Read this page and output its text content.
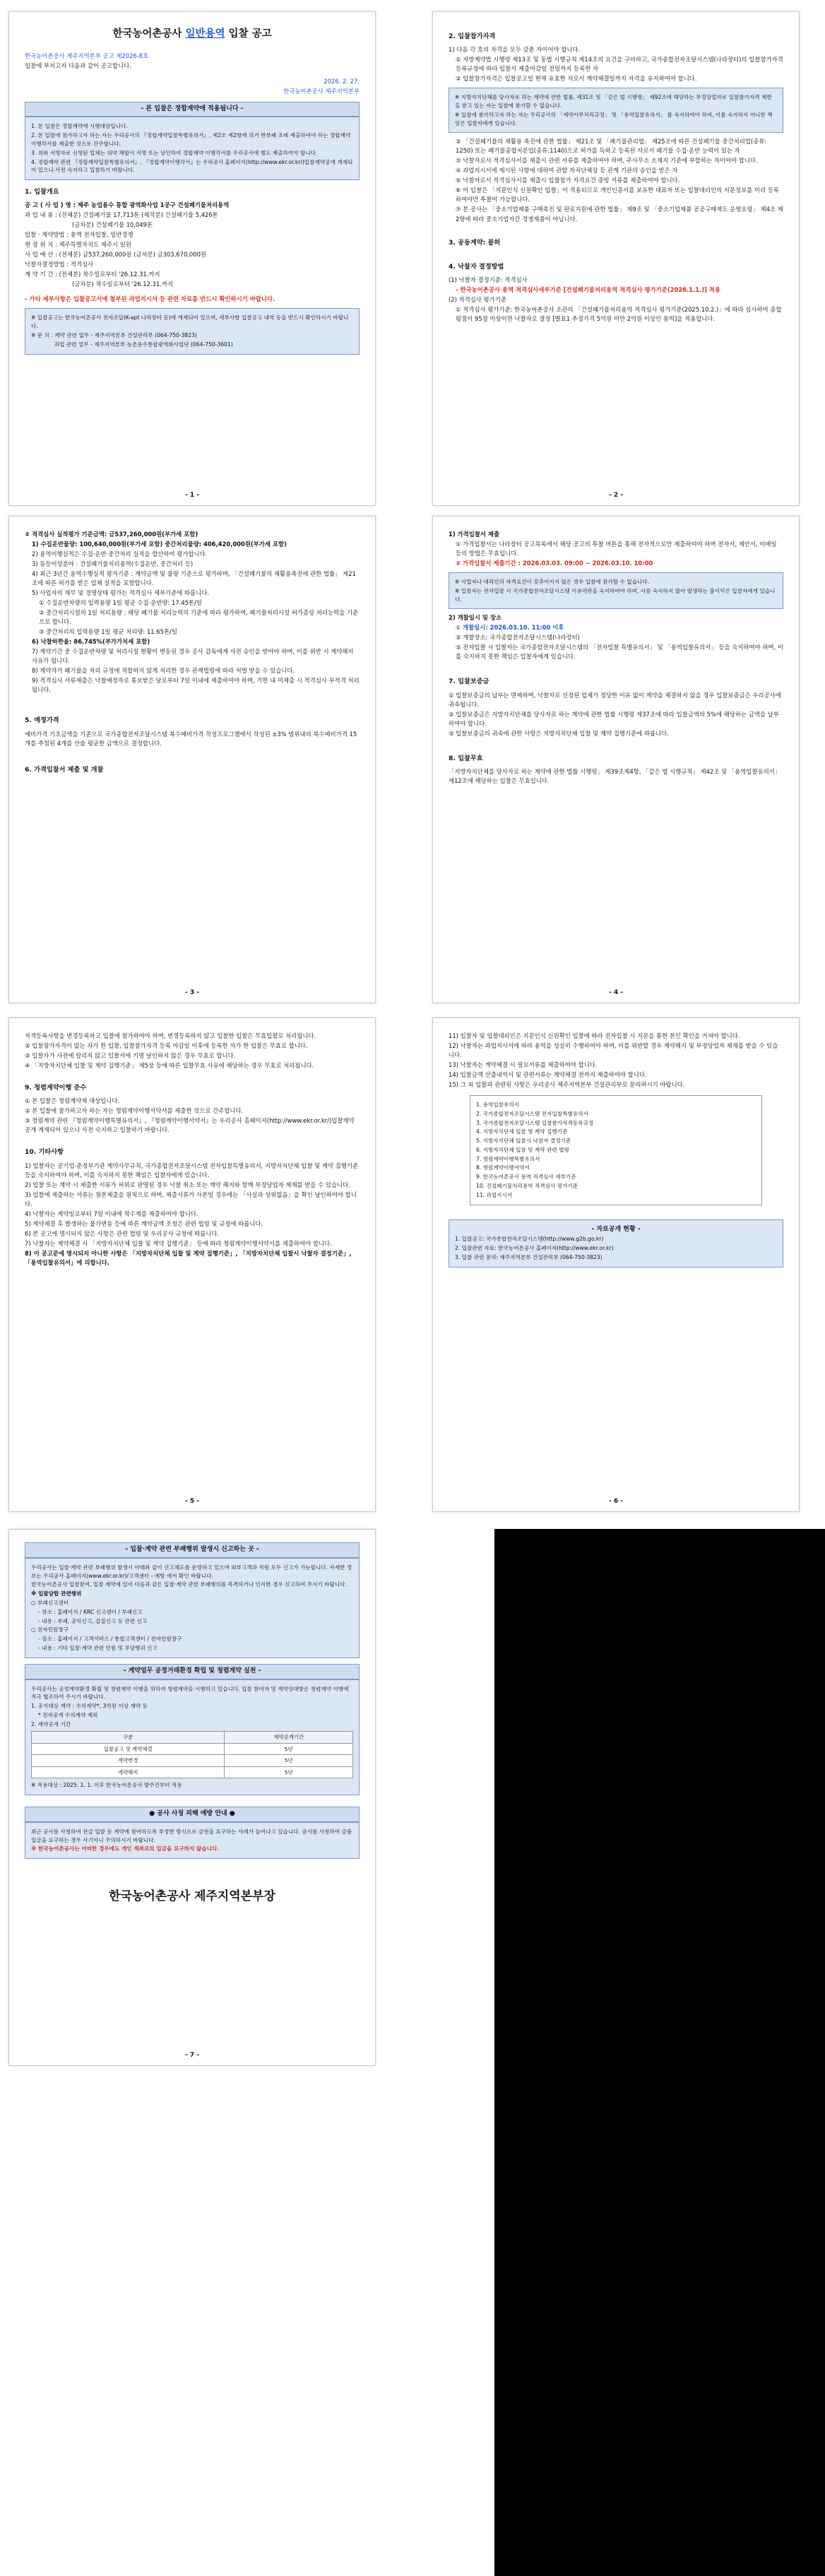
한국농어촌공사 일반용역 입찰 공고

한국농어촌공사 제주지역본부 공고 제2026-8호

입찰에 부치고자 다음과 같이 공고합니다.

2026. 2. 27.

한국농어촌공사 제주지역본부

- 본 입찰은 정합계약에 적용됩니다 -

1. 본 입찰은 정합계약에 시행대상입니다.

2. 본 입찰에 참가하고자 하는 자는 우리공사의 『정합계약입찰특별유의서』, 제2조 제2항에 의거 반부패 조례 제출하여야 하는 정합계약이행각서를 제출한 것으로 간주합니다.

3. 위와 서명자로 신청된 업체는 위약 채합시 서명 또는 날인하여 정합계약 이행각서를 우리공사에 별도 제출하여야 합니다.

4. 정합계약 관련 『정합계약입찰특별유의서』, 『정합계약이행각서』는 우리공사 홈페이지(http://www.ekr.or.kr/)입찰계약공개 게재되어 있으니 사전 숙지하고 입찰하기 바랍니다.

1. 입찰개요

공 고 ( 사 업 ) 명 : 제주 농업용수 통합 광역화사업 1공구 건설폐기물처리용역

과 업 내 용 : (전체분) 건설폐기물 17,713톤 (제작분) 건설폐기물 5,426톤

　　　　　　　　(금차분) 건설폐기물 10,049톤

입찰 · 계약방법 : 총액 전자입찰, 일반경쟁

현 장 위 치 : 제주특별자치도 제주시 일원

사 업 예 산 : (전체분) 금537,260,000원 (금차분) 금303,670,000원

낙찰자결정방법 : 적격심사

계 약 기 간 : (전체분) 착수일로부터 '26.12.31.까지

　　　　　　　　(금차분) 착수일로부터 '26.12.31.까지

- 가타 세부사항은 입찰공고서에 첨부된 과업지시서 등 관련 자료를 반드시 확인하시기 바랍니다.

※ 입찰공고는 한국농어촌공사 전자조달(K-apt 나라장터 등)에 게재되어 있으며, 세부사항 입찰공고 내역 등을 반드시 확인하시기 바랍니다.

※ 문 의 : 계약 관련 업무 - 제주지역본부 건설관리부 (064-750-3823)

　　　　 과업 관련 업무 - 제주지역본부 농촌용수통합광역화사업단 (064-750-3601)

- 1 -
2. 입찰참가자격

1) 다음 각 호의 자격을 모두 갖춘 자이어야 합니다.

① 지방계약법 시행령 제13조 및 동법 시행규칙 제14조의 요건을 구비하고, 국가종합전자조달시스템(나라장터)의 입찰참가자격등록규정에 따라 입찰서 제출마감일 전일까지 등록한 자

② 입찰참가자격은 입찰공고일 현재 유효한 자로서 계약체결일까지 자격을 유지하여야 합니다.

※ 지방자치단체를 당사자로 하는 계약에 관한 법률, 제31조 및 「같은 법 시행령」 제92조에 해당하는 부정당업자로 입찰참가자격 제한을 받고 있는 자는 입찰에 참가할 수 없습니다.

※ 입찰에 참가하고자 하는 자는 우리공사의 「계약사무처리규정」 및 「용역입찰유의서」 를 숙지하여야 하며, 이를 숙지하지 아니한 책임은 입찰자에게 있습니다.

② 「건설폐기물의 재활용 촉진에 관한 법률」 제21조 및 「폐기물관리법」 제25조에 따른 건설폐기물 중간처리업(종류: 1250) 또는 폐기물종합처분업(종류:1140)으로 허가를 득하고 등록된 자로서 폐기물 수집·운반 능력이 있는 자

③ 낙찰자로서 적격심사서를 제출시 관련 서류를 제출하여야 하며, 주사무소 소재지 기준에 부합하는 자이어야 합니다.

④ 과업지시서에 제시된 사항에 대하여 관할 자치단체장 등 관계 기관의 승인을 받은 자

⑤ 낙찰자로서 적격심사서를 제출시 입찰참가 자격요건 증빙 서류를 제출하여야 합니다.

⑥ 이 입찰은 「지문인식 신원확인 입찰」이 적용되므로 개인인증서를 보유한 대표자 또는 입찰대리인의 지문정보를 미리 등록하여야만 투찰이 가능합니다.

⑦ 본 공사는 「중소기업제품 구매촉진 및 판로지원에 관한 법률」 제9조 및 「중소기업제품 공공구매제도 운영요령」 제4조 제2항에 따라 중소기업자간 경쟁제품이 아닙니다.

3. 공동계약: 불허
4. 낙찰자 결정방법

(1) 낙찰자 결정기준: 적격심사

- 한국농어촌공사 용역 적격심사세부기준 [건설폐기물처리용역 적격심사 평가기준(2026.1.1.)] 적용

(2) 적격심사 평가기준

① 적격심사 평가기준: 한국농어촌공사 소관의 「건설폐기물처리용역 적격심사 평가기준(2025.10.2.)」에 따라 심사하여 종합평점이 95점 이상이면 낙찰자로 결정 [별표1 추정가격 5억원 미만 2억원 이상인 용역]을 적용합니다.

- 2 -

② 적격심사 실적평가 기준금액: 금537,260,000원(부가세 포함)

1) 수집운반물량: 100,640,000원(부가세 포함) 중간처리물량: 406,420,000원(부가세 포함)

2) 용역이행실적은 수집·운반·중간처리 실적을 합산하여 평가합니다.

3) 동등이상분야 : 건설폐기물처리용역(수집운반, 중간처리 등)

4) 최근 3년간 용역수행실적 평가기준 : 계약금액 및 물량 기준으로 평가하며, 「건설폐기물의 재활용촉진에 관한 법률」 제21조에 따른 허가를 받은 업체 실적을 포함합니다.

5) 사업자의 재무 및 경영상태 평가는 적격심사 세부기준에 따릅니다.

① 수집운반차량의 입력용량 1일 평균 수집·운반량: 17.45톤/일

② 중간처리시설의 1일 처리용량 : 해당 폐기물 처리능력의 기준에 따라 평가하며, 폐기물처리시설 허가증상 처리능력을 기준으로 합니다.

③ 중간처리의 입력용량 1일 평균 처리량: 11.65톤/일

6) 낙찰하한율: 86.745%(부가가치세 포함)

7) 계약기간 중 수집운반차량 및 처리시설 현황이 변동된 경우 공사 감독에게 사전 승인을 받아야 하며, 이를 위반 시 계약해지 사유가 됩니다.

8) 계약자가 폐기물을 처리 규정에 적합하지 않게 처리한 경우 관계법령에 따라 처벌 받을 수 있습니다.

9) 적격심사 서류제출은 낙찰예정자로 통보받은 날로부터 7일 이내에 제출하여야 하며, 기한 내 미제출 시 적격심사 부적격 처리됩니다.

5. 예정가격

예비가격 기초금액을 기준으로 국가종합전자조달시스템 복수예비가격 작성프로그램에서 작성된 ±3% 범위내의 복수예비가격 15개를 추첨된 4개를 산술 평균한 금액으로 결정합니다.

6. 가격입찰서 제출 및 개찰
- 3 -

1) 가격입찰서 제출

① 가격입찰서는 나라장터 공고목록에서 해당 공고의 투찰 버튼을 통해 전자적으로만 제출하여야 하며 전자서, 제안서, 이메일 등의 방법은 무효입니다.

② 가격입찰서 제출기간 : 2026.03.03. 09:00 ~ 2026.03.10. 10:00

※ 사업자나 대리인의 자격요건이 갖추어지지 않은 경우 입찰에 참가할 수 없습니다.

※ 입찰자는 전자입찰 시 국가종합전자조달시스템 이용약관을 숙지하여야 하며, 이를 숙지하지 않아 발생하는 불이익은 입찰자에게 있습니다.

2) 개찰일시 및 장소

① 개찰일시: 2026.03.10. 11:00 이후

② 개찰장소: 국가종합전자조달시스템(나라장터)

③ 전자입찰 시 입찰자는 국가종합전자조달시스템의 「전자입찰 특별유의서」 및 「용역입찰유의서」 등을 숙지하여야 하며, 이를 숙지하지 못한 책임은 입찰자에게 있습니다.

7. 입찰보증금

① 입찰보증금의 납부는 면제하며, 낙찰자로 선정된 업체가 정당한 이유 없이 계약을 체결하지 않을 경우 입찰보증금은 우리공사에 귀속됩니다.

② 입찰보증금은 지방자치단체를 당사자로 하는 계약에 관한 법률 시행령 제37조에 따라 입찰금액의 5%에 해당하는 금액을 납부하여야 합니다.

③ 입찰보증금의 귀속에 관한 사항은 지방자치단체 입찰 및 계약 집행기준에 따릅니다.

8. 입찰무효

「지방자치단체를 당사자로 하는 계약에 관한 법률 시행령」 제39조제4항, 「같은 법 시행규칙」 제42조 및 「용역입찰유의서」 제12조에 해당하는 입찰은 무효입니다.

- 4 -

자격등록사항을 변경등록하고 입찰에 참가하여야 하며, 변경등록하지 않고 입찰한 입찰은 무효입찰로 처리됩니다.

② 입찰참가자격이 없는 자가 한 입찰, 입찰참가자격 등록 마감일 이후에 등록한 자가 한 입찰은 무효로 합니다.

③ 입찰자가 사전에 알리지 않고 입찰서에 기명 날인하지 않은 경우 무효로 합니다.

④ 「지방자치단체 입찰 및 계약 집행기준」 제5장 등에 따른 입찰무효 사유에 해당하는 경우 무효로 처리됩니다.

9. 청렴계약이행 준수

① 본 입찰은 청렴계약제 대상입니다.

② 본 입찰에 참가하고자 하는 자는 청렴계약이행서약서를 제출한 것으로 간주합니다.

③ 청렴계약 관련 『청렴계약이행특별유의서』, 『청렴계약이행서약서』는 우리공사 홈페이지(http://www.ekr.or.kr/)입찰계약공개 게재되어 있으니 사전 숙지하고 입찰하기 바랍니다.

10. 기타사항

1) 입찰자는 공기업·준정부기관 계약사무규칙, 국가종합전자조달시스템 전자입찰특별유의서, 지방자치단체 입찰 및 계약 집행기준 등을 숙지하여야 하며, 이를 숙지하지 못한 책임은 입찰자에게 있습니다.

2) 입찰 또는 계약 시 제출한 서류가 허위로 판명된 경우 낙찰 취소 또는 계약 해지와 함께 부정당업자 제재를 받을 수 있습니다.

3) 입찰에 제출하는 서류는 원본제출을 원칙으로 하며, 제출서류가 사본일 경우에는 「사실과 상위없음」을 확인 날인하여야 합니다.

4) 낙찰자는 계약일로부터 7일 이내에 착수계를 제출하여야 합니다.

5) 계약체결 후 발생하는 물가변동 등에 따른 계약금액 조정은 관련 법령 및 규정에 따릅니다.

6) 본 공고에 명시되지 않은 사항은 관련 법령 및 우리공사 규정에 따릅니다.

7) 낙찰자는 계약체결 시 「지방자치단체 입찰 및 계약 집행기준」 등에 따라 청렴계약이행서약서를 제출하여야 합니다.

8) 이 공고문에 명시되지 아니한 사항은 「지방자치단체 입찰 및 계약 집행기준」, 「지방자치단체 입찰시 낙찰자 결정기준」, 「용역입찰유의서」에 의합니다.

- 5 -

11) 입찰자 및 입찰대리인은 지문인식 신원확인 입찰에 따라 전자입찰 시 지문을 통한 본인 확인을 거쳐야 합니다.

12) 낙찰자는 과업지시서에 따라 용역을 성실히 수행하여야 하며, 이를 위반할 경우 계약해지 및 부정당업자 제재를 받을 수 있습니다.

13) 낙찰자는 계약체결 시 필요서류를 제출하여야 합니다.

14) 입찰금액 산출내역서 및 관련서류는 계약체결 전까지 제출하여야 합니다.

15) 그 외 입찰과 관련된 사항은 우리공사 제주지역본부 건설관리부로 문의하시기 바랍니다.

1. 용역입찰유의서

2. 국가종합전자조달시스템 전자입찰특별유의서

3. 국가종합전자조달시스템 입찰참가자격등록규정

4. 지방자치단체 입찰 및 계약 집행기준

5. 지방자치단체 입찰시 낙찰자 결정기준

6. 지방자치단체 입찰 및 계약 관련 법령

7. 청렴계약이행특별유의서

8. 청렴계약이행서약서

9. 한국농어촌공사 용역 적격심사 세부기준

10. 건설폐기물처리용역 적격심사 평가기준

11. 과업지시서

- 자료공개 현황 -

1. 입찰공고: 국가종합전자조달시스템(http://www.g2b.go.kr)

2. 입찰관련 자료: 한국농어촌공사 홈페이지(http://www.ekr.or.kr)

3. 입찰 관련 문의: 제주지역본부 건설관리부 (064-750-3823)

- 6 -
- 입찰·계약 관련 부패행위 발생시 신고하는 곳 -

우리공사는 입찰·계약 관련 부패행위 발생시 아래와 같이 신고채도를 운영하고 있으며 외부고객과 직원 모두 신고가 가능합니다. 자세한 정보는 우리공사 홈페이지(www.ekr.or.kr)/고객센터 - 예방 에서 확인 바랍니다.

한국농어촌공사 입찰참여, 입찰 계약에 있어 다음과 같은 입찰·계약 관련 부패행위를 목격하거나 인지한 경우 신고하여 주시기 바랍니다.

※ 입찰담합 관련행위

○ 부패신고센터

- 장소 : 홈페이지 / KRC 신고센터 / 부패신고

- 내용 : 부패, 공익신고, 갑질신고 등 관련 신고

○ 전자민원창구

- 장소 : 홈페이지 / 고객서비스 / 통합고객센터 / 전자민원창구

- 내용 : 기타 입찰·계약 관련 민원 및 부당행위 신고

- 계약업무 공정거래환경 확립 및 청렴계약 실천 -

우리공사는 공정계약환경 확립 및 청렴계약 이행을 위하여 청렴계약을 시행하고 있습니다. 입찰 참여자 및 계약상대방은 청렴계약 이행에 적극 협조하여 주시기 바랍니다.

1. 공지대상 계약 : 수의계약*, 3억원 이상 계약 등

* 전자공개 수의계약 제외

2. 계약공개 기간

구분	계약공개기간
입찰공고 및 계약체결	5년
계약변경	5년
계약해지	5년

※ 적용대상 : 2025. 1. 1. 이후 한국농어촌공사 발주건부터 적용

● 공사 사칭 피해 예방 안내 ●

최근 공사를 사칭하여 관급 입찰 등 계약에 참여하도록 부정한 방식으로 금전을 요구하는 사례가 늘어나고 있습니다. 공사를 사칭하여 금품 입금을 요구하는 경우 사기이니 주의하시기 바랍니다.

※ 한국농어촌공사는 어떠한 경우에도 개인 계좌로의 입금을 요구하지 않습니다.

한국농어촌공사 제주지역본부장
- 7 -
